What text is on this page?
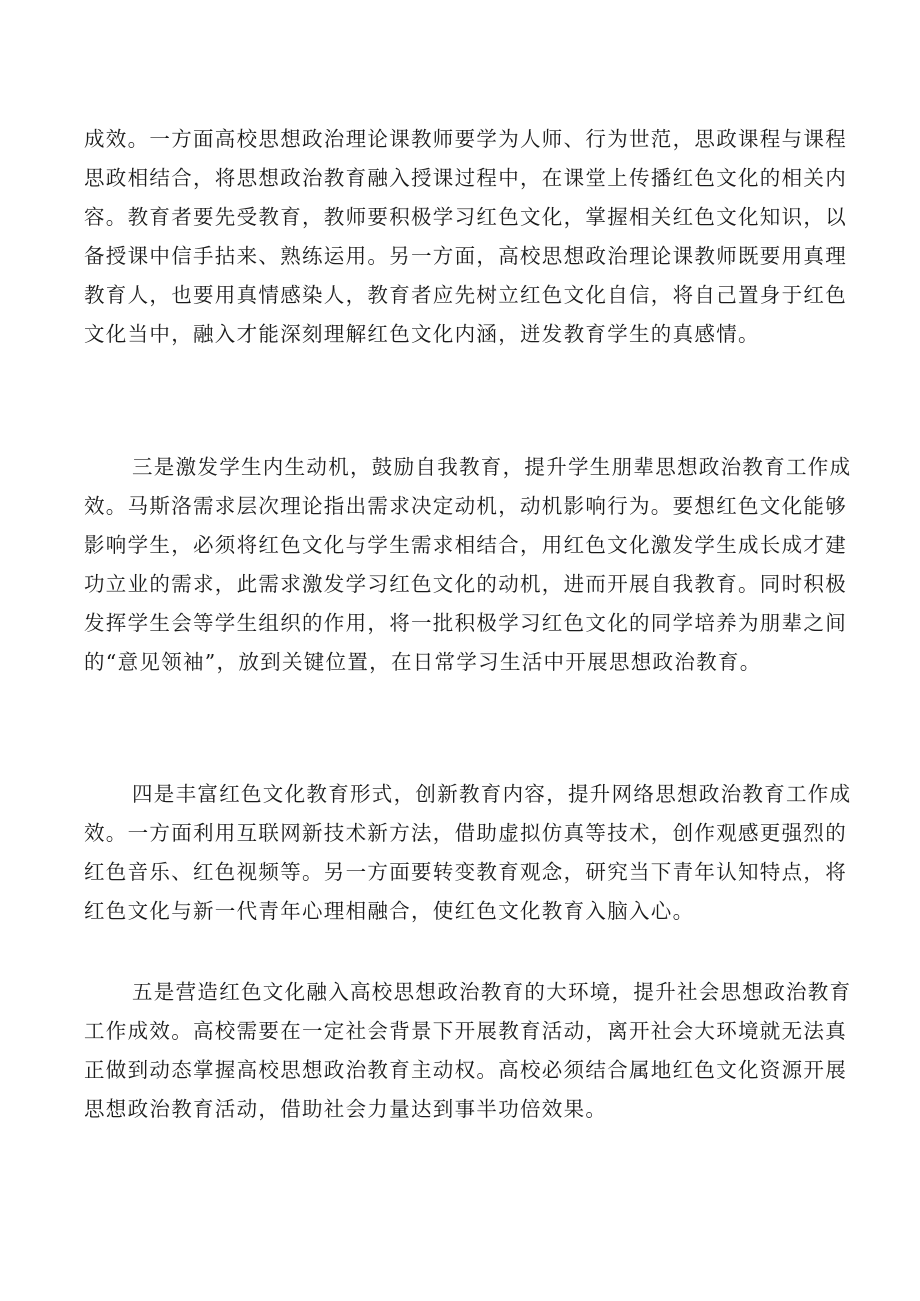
成效。一方面高校思想政治理论课教师要学为人师、行为世范，思政课程与课程
思政相结合，将思想政治教育融入授课过程中，在课堂上传播红色文化的相关内
容。教育者要先受教育，教师要积极学习红色文化，掌握相关红色文化知识，以
备授课中信手拈来、熟练运用。另一方面，高校思想政治理论课教师既要用真理
教育人，也要用真情感染人，教育者应先树立红色文化自信，将自己置身于红色
文化当中，融入才能深刻理解红色文化内涵，迸发教育学生的真感情。
三是激发学生内生动机，鼓励自我教育，提升学生朋辈思想政治教育工作成
效。马斯洛需求层次理论指出需求决定动机，动机影响行为。要想红色文化能够
影响学生，必须将红色文化与学生需求相结合，用红色文化激发学生成长成才建
功立业的需求，此需求激发学习红色文化的动机，进而开展自我教育。同时积极
发挥学生会等学生组织的作用，将一批积极学习红色文化的同学培养为朋辈之间
的“意见领袖”，放到关键位置，在日常学习生活中开展思想政治教育。
四是丰富红色文化教育形式，创新教育内容，提升网络思想政治教育工作成
效。一方面利用互联网新技术新方法，借助虚拟仿真等技术，创作观感更强烈的
红色音乐、红色视频等。另一方面要转变教育观念，研究当下青年认知特点，将
红色文化与新一代青年心理相融合，使红色文化教育入脑入心。
五是营造红色文化融入高校思想政治教育的大环境，提升社会思想政治教育
工作成效。高校需要在一定社会背景下开展教育活动，离开社会大环境就无法真
正做到动态掌握高校思想政治教育主动权。高校必须结合属地红色文化资源开展
思想政治教育活动，借助社会力量达到事半功倍效果。
